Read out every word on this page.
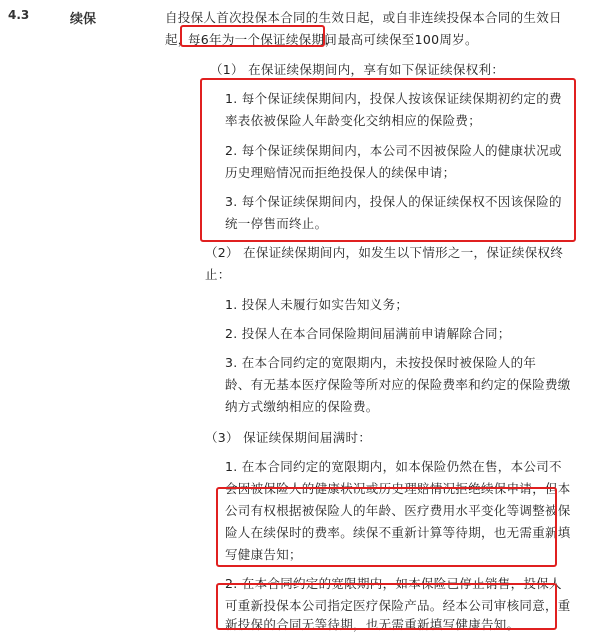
4.3	续保	自投保人首次投保本合同的生效日起，或自非连续投保本合同的生效日
起，
每6年为一个保证续保期间
，最高可续保至100周岁。
（1） 在保证续保期间内，享有如下保证续保权利：
1. 每个保证续保期间内，投保人按该保证续保期初约定的费
率表依被保险人年龄变化交纳相应的保险费；
2. 每个保证续保期间内，本公司不因被保险人的健康状况或
历史理赔情况而拒绝投保人的续保申请；
3. 每个保证续保期间内，投保人的保证续保权不因该保险的
统一停售而终止。
（2） 在保证续保期间内，如发生以下情形之一，保证续保权终
止：
1. 投保人未履行如实告知义务；
2. 投保人在本合同保险期间届满前申请解除合同；
3. 在本合同约定的宽限期内，未按投保时被保险人的年
龄、有无基本医疗保险等所对应的保险费率和约定的保险费缴
纳方式缴纳相应的保险费。
（3） 保证续保期间届满时：
1. 在本合同约定的宽限期内，如本保险仍然在售，本公司不
会因被保险人的健康状况或历史理赔情况拒绝续保申请，但本
公司有权根据被保险人的年龄、医疗费用水平变化等调整被保
险人在续保时的费率。续保不重新计算等待期，也无需重新填
写健康告知；
2. 在本合同约定的宽限期内，如本保险已停止销售，投保人
可重新投保本公司指定医疗保险产品。经本公司审核同意，重
新投保的合同无等待期，也无需重新填写健康告知。
